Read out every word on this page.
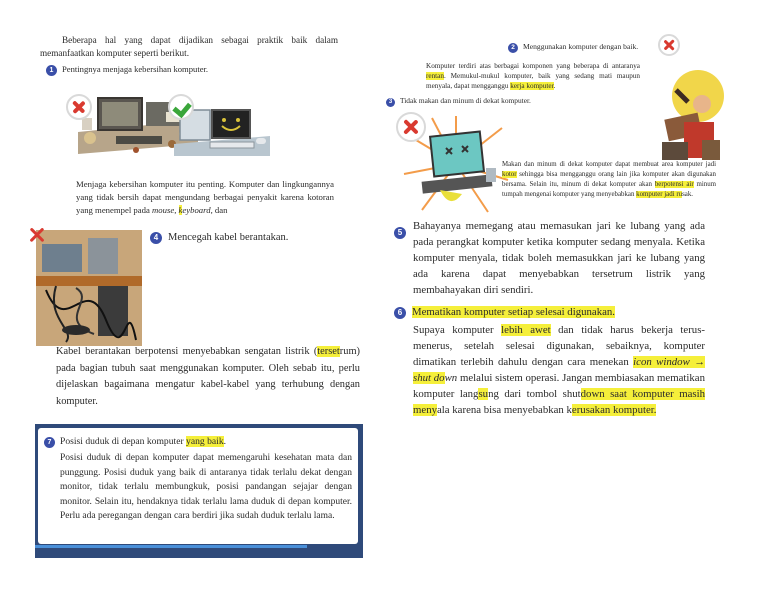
Beberapa hal yang dapat dijadikan sebagai praktik baik dalam memanfaatkan komputer seperti berikut.
1 Pentingnya menjaga kebersihan komputer.
Menjaga kebersihan komputer itu penting. Komputer dan lingkungannya yang tidak bersih dapat mengundang berbagai penyakit karena kotoran yang menempel pada mouse, keyboard, dan
2 Menggunakan komputer dengan baik.
Komputer terdiri atas berbagai komponen yang beberapa di antaranya rentan. Memukul-mukul komputer, baik yang sedang mati maupun menyala, dapat mengganggu kerja komputer.
3 Tidak makan dan minum di dekat komputer.
Makan dan minum di dekat komputer dapat membuat area komputer jadi kotor sehingga bisa mengganggu orang lain jika komputer akan digunakan bersama. Selain itu, minum di dekat komputer akan berpotensi air minum tumpah mengenai komputer yang menyebabkan komputer jadi rusak.
4 Mencegah kabel berantakan.
Kabel berantakan berpotensi menyebabkan sengatan listrik (tersetrum) pada bagian tubuh saat menggunakan komputer. Oleh sebab itu, perlu dijelaskan bagaimana mengatur kabel-kabel yang terhubung dengan komputer.
5
Bahayanya memegang atau memasukan jari ke lubang yang ada pada perangkat komputer ketika komputer sedang menyala. Ketika komputer menyala, tidak boleh memasukkan jari ke lubang yang ada karena dapat menyebabkan tersetrum listrik yang membahayakan diri sendiri.
6 Mematikan komputer setiap selesai digunakan.
Supaya komputer lebih awet dan tidak harus bekerja terus-menerus, setelah selesai digunakan, sebaiknya, komputer dimatikan terlebih dahulu dengan cara menekan icon window → shut down melalui sistem operasi. Jangan membiasakan mematikan komputer langsung dari tombol shutdown saat komputer masih menyala karena bisa menyebabkan kerusakan komputer.
7 Posisi duduk di depan komputer yang baik.
Posisi duduk di depan komputer dapat memengaruhi kesehatan mata dan punggung. Posisi duduk yang baik di antaranya tidak terlalu dekat dengan monitor, tidak terlalu membungkuk, posisi pandangan sejajar dengan monitor. Selain itu, hendaknya tidak terlalu lama duduk di depan komputer. Perlu ada peregangan dengan cara berdiri jika sudah duduk terlalu lama.
